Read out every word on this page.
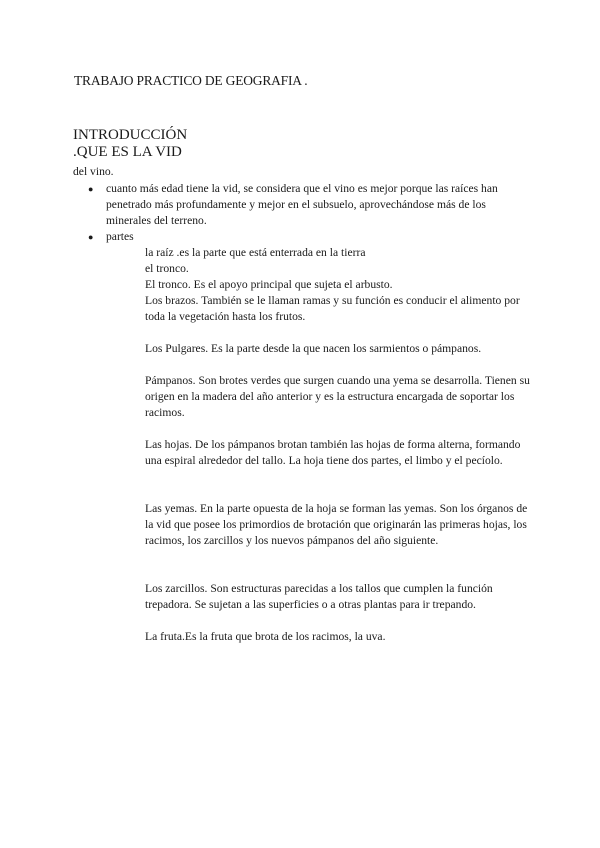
TRABAJO PRACTICO DE GEOGRAFIA .
INTRODUCCIÓN
.QUE ES LA VID
del vino.
● cuanto más edad tiene la vid, se considera que el vino es mejor porque las raíces han penetrado más profundamente y mejor en el subsuelo, aprovechándose más de los minerales del terreno.
● partes

la raíz .es la parte que está enterrada en la tierra

el tronco.

El tronco. Es el apoyo principal que sujeta el arbusto.

Los brazos. También se le llaman ramas y su función es conducir el alimento por toda la vegetación hasta los frutos.

Los Pulgares. Es la parte desde la que nacen los sarmientos o pámpanos.
Pámpanos. Son brotes verdes que surgen cuando una yema se desarrolla. Tienen su origen en la madera del año anterior y es la estructura encargada de soportar los racimos.
Las hojas. De los pámpanos brotan también las hojas de forma alterna, formando una espiral alrededor del tallo. La hoja tiene dos partes, el limbo y el pecíolo.
Las yemas. En la parte opuesta de la hoja se forman las yemas. Son los órganos de la vid que posee los primordios de brotación que originarán las primeras hojas, los racimos, los zarcillos y los nuevos pámpanos del año siguiente.
Los zarcillos. Son estructuras parecidas a los tallos que cumplen la función trepadora. Se sujetan a las superficies o a otras plantas para ir trepando.
La fruta.Es la fruta que brota de los racimos, la uva.
